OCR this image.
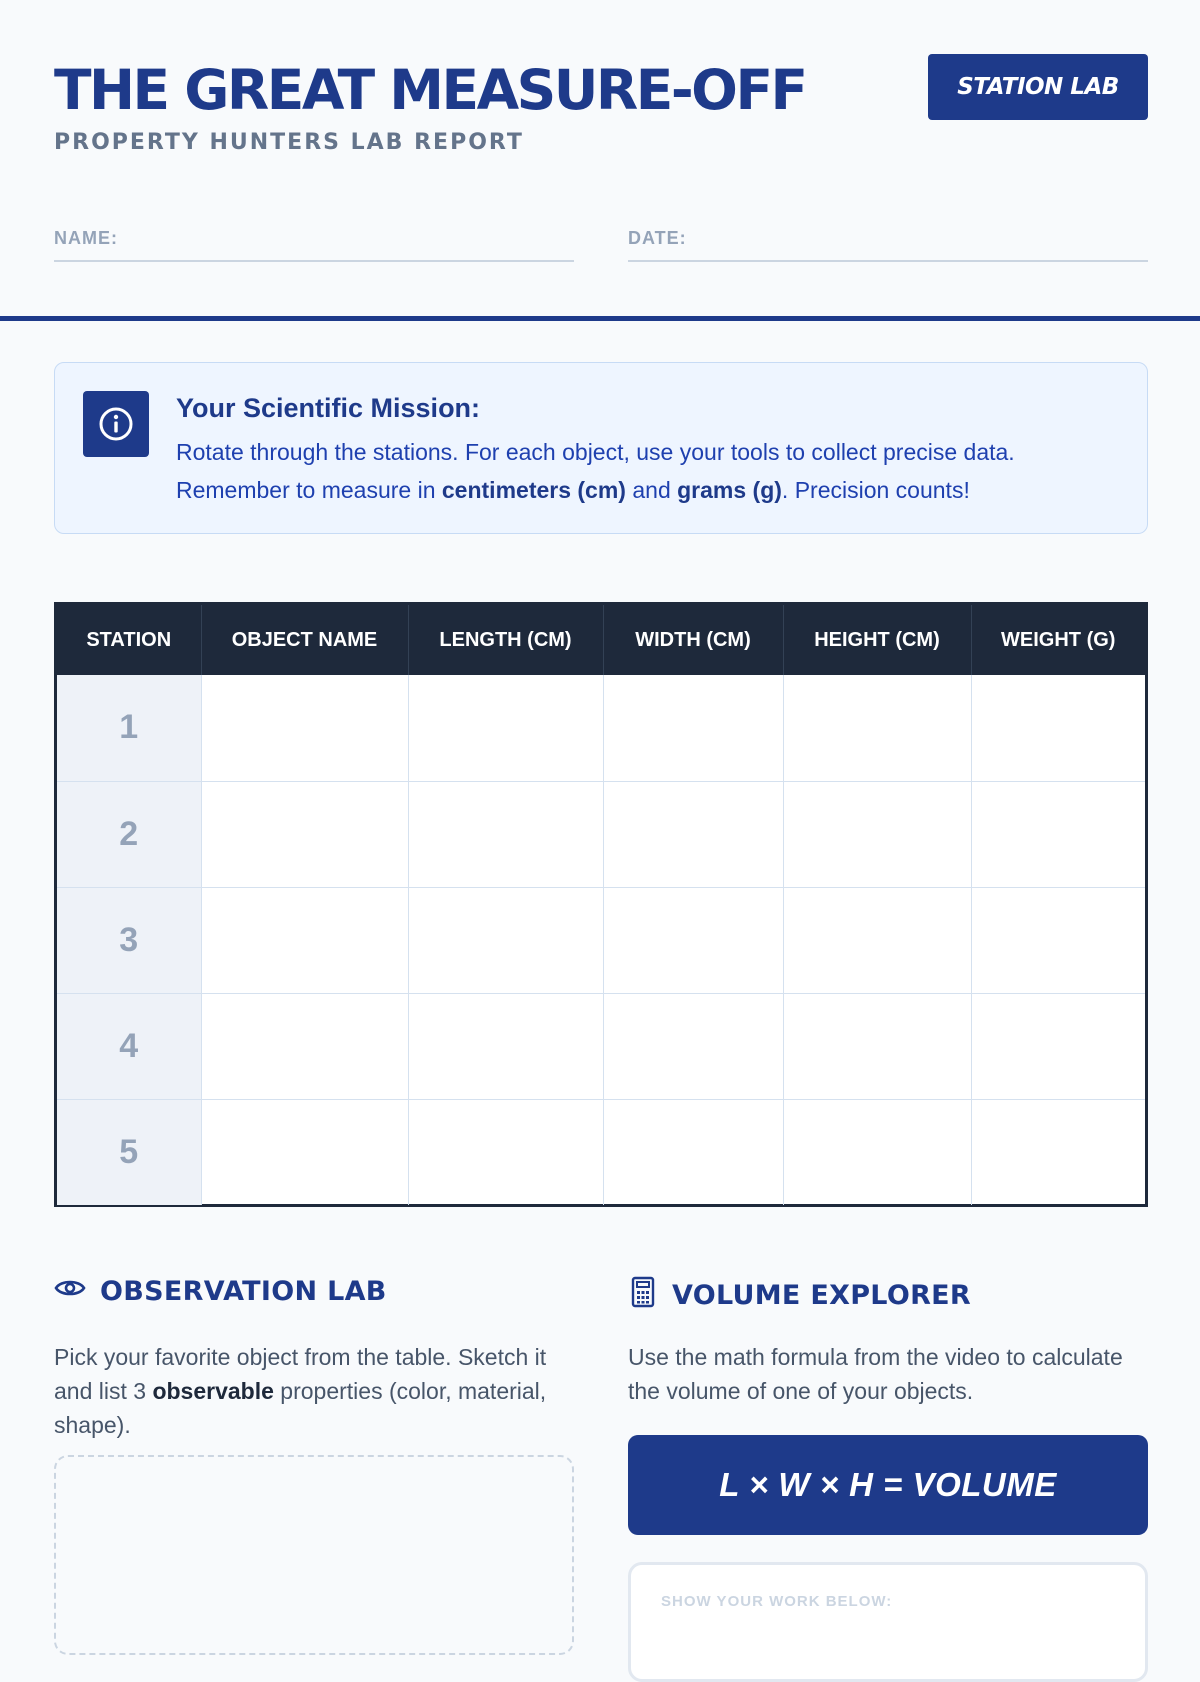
THE GREAT MEASURE-OFF
PROPERTY HUNTERS LAB REPORT
STATION LAB
NAME:	DATE:
Your Scientific Mission:
Rotate through the stations. For each object, use your tools to collect precise data.
Remember to measure in centimeters (cm) and grams (g). Precision counts!
STATION	OBJECT NAME	LENGTH (CM)	WIDTH (CM)	HEIGHT (CM)	WEIGHT (G)
1					
2					
3					
4					
5					
OBSERVATION LAB
Pick your favorite object from the table. Sketch it and list 3 observable properties (color, material, shape).
VOLUME EXPLORER
Use the math formula from the video to calculate the volume of one of your objects.
L × W × H = VOLUME
SHOW YOUR WORK BELOW:
